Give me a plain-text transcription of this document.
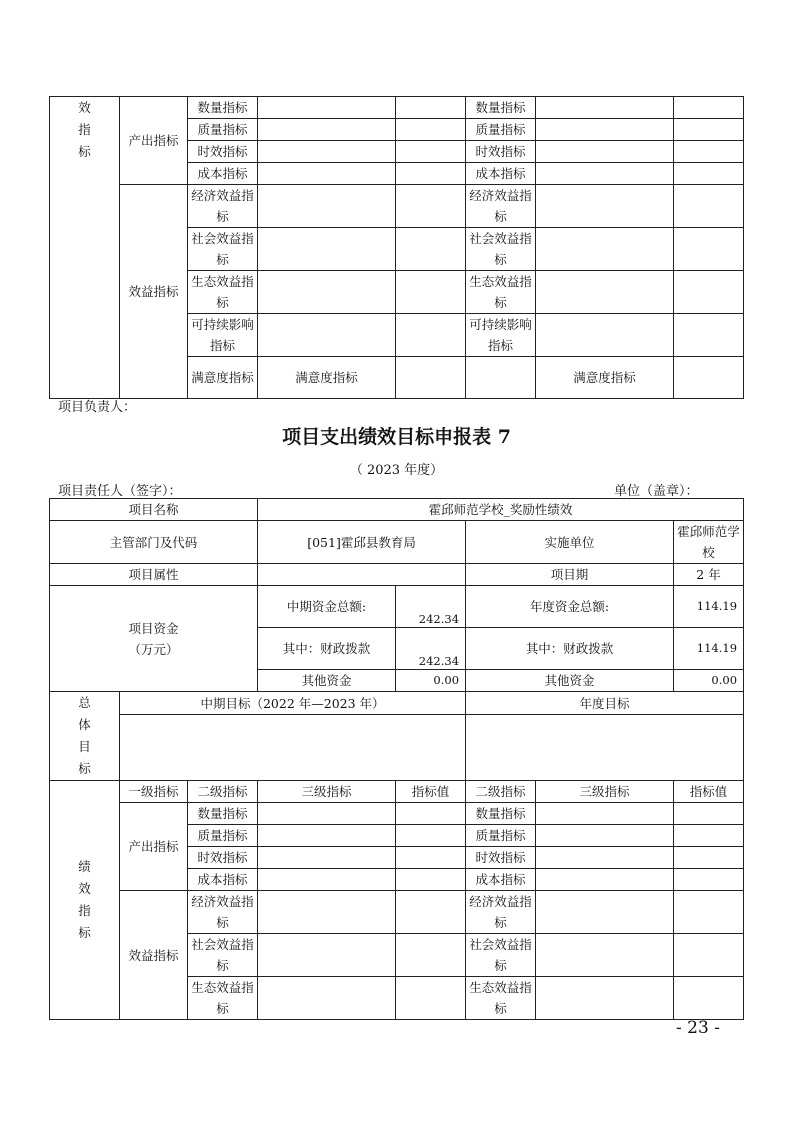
效
指
标	产出指标	数量指标			数量指标			
		质量指标			质量指标			
		时效指标			时效指标			
		成本指标			成本指标			
	效益指标	经济效益指标			经济效益指标			
		社会效益指标			社会效益指标			
		生态效益指标			生态效益指标			
		可持续影响指标			可持续影响指标			
		满意度指标	满意度指标			满意度指标		
项目负责人：
项目支出绩效目标申报表 7
（ 2023 年度）
项目责任人（签字）：	单位（盖章）：
项目名称			霍邱师范学校_奖励性绩效				
主管部门及代码			[051]霍邱县教育局		实施单位		霍邱师范学校
项目属性					项目期		2 年

项目资金
（万元）			中期资金总额:	242.34	年度资金总额:		114.19
			其中：财政拨款	242.34	其中：财政拨款		114.19
			其他资金	0.00	其他资金		0.00

总
体
目
标	中期目标（2022 年—2023 年）				年度目标		

绩
效
指
标	一级指标	二级指标	三级指标	指标值	二级指标	三级指标	指标值
	产出指标	数量指标			数量指标		
		质量指标			质量指标		
		时效指标			时效指标		
		成本指标			成本指标		
	效益指标	经济效益指标			经济效益指标		
		社会效益指标			社会效益指标		
		生态效益指标			生态效益指标		
- 23 -
